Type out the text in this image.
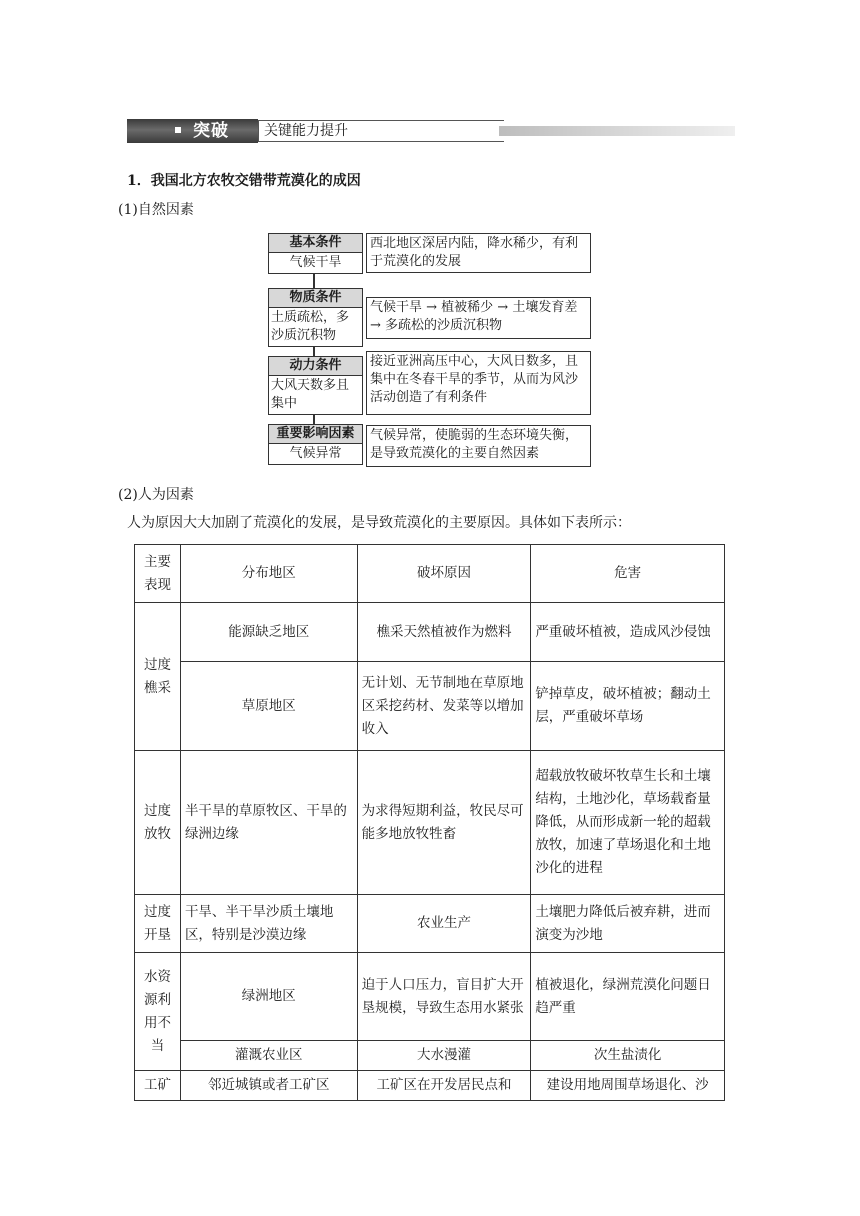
突破	关键能力提升
1．我国北方农牧交错带荒漠化的成因
(1)自然因素
基本条件
气候干旱
西北地区深居内陆，降水稀少，有利于荒漠化的发展
物质条件
土质疏松，多沙质沉积物
气候干旱 → 植被稀少 → 土壤发育差 → 多疏松的沙质沉积物
动力条件
大风天数多且集中
接近亚洲高压中心，大风日数多，且集中在冬春干旱的季节，从而为风沙活动创造了有利条件
重要影响因素
气候异常
气候异常，使脆弱的生态环境失衡，是导致荒漠化的主要自然因素
(2)人为因素
人为原因大大加剧了荒漠化的发展，是导致荒漠化的主要原因。具体如下表所示：
主要表现	分布地区	破坏原因	危害
过度樵采	能源缺乏地区	樵采天然植被作为燃料	严重破坏植被，造成风沙侵蚀
	草原地区	无计划、无节制地在草原地区采挖药材、发菜等以增加收入	铲掉草皮，破坏植被；翻动土层，严重破坏草场
过度放牧	半干旱的草原牧区、干旱的绿洲边缘	为求得短期利益，牧民尽可能多地放牧牲畜	超载放牧破坏牧草生长和土壤结构，土地沙化，草场载畜量降低，从而形成新一轮的超载放牧，加速了草场退化和土地沙化的进程
过度开垦	干旱、半干旱沙质土壤地区，特别是沙漠边缘	农业生产	土壤肥力降低后被弃耕，进而演变为沙地
水资源利用不当	绿洲地区	迫于人口压力，盲目扩大开垦规模，导致生态用水紧张	植被退化，绿洲荒漠化问题日趋严重
	灌溉农业区	大水漫灌	次生盐渍化
工矿	邻近城镇或者工矿区	工矿区在开发居民点和	建设用地周围草场退化、沙
